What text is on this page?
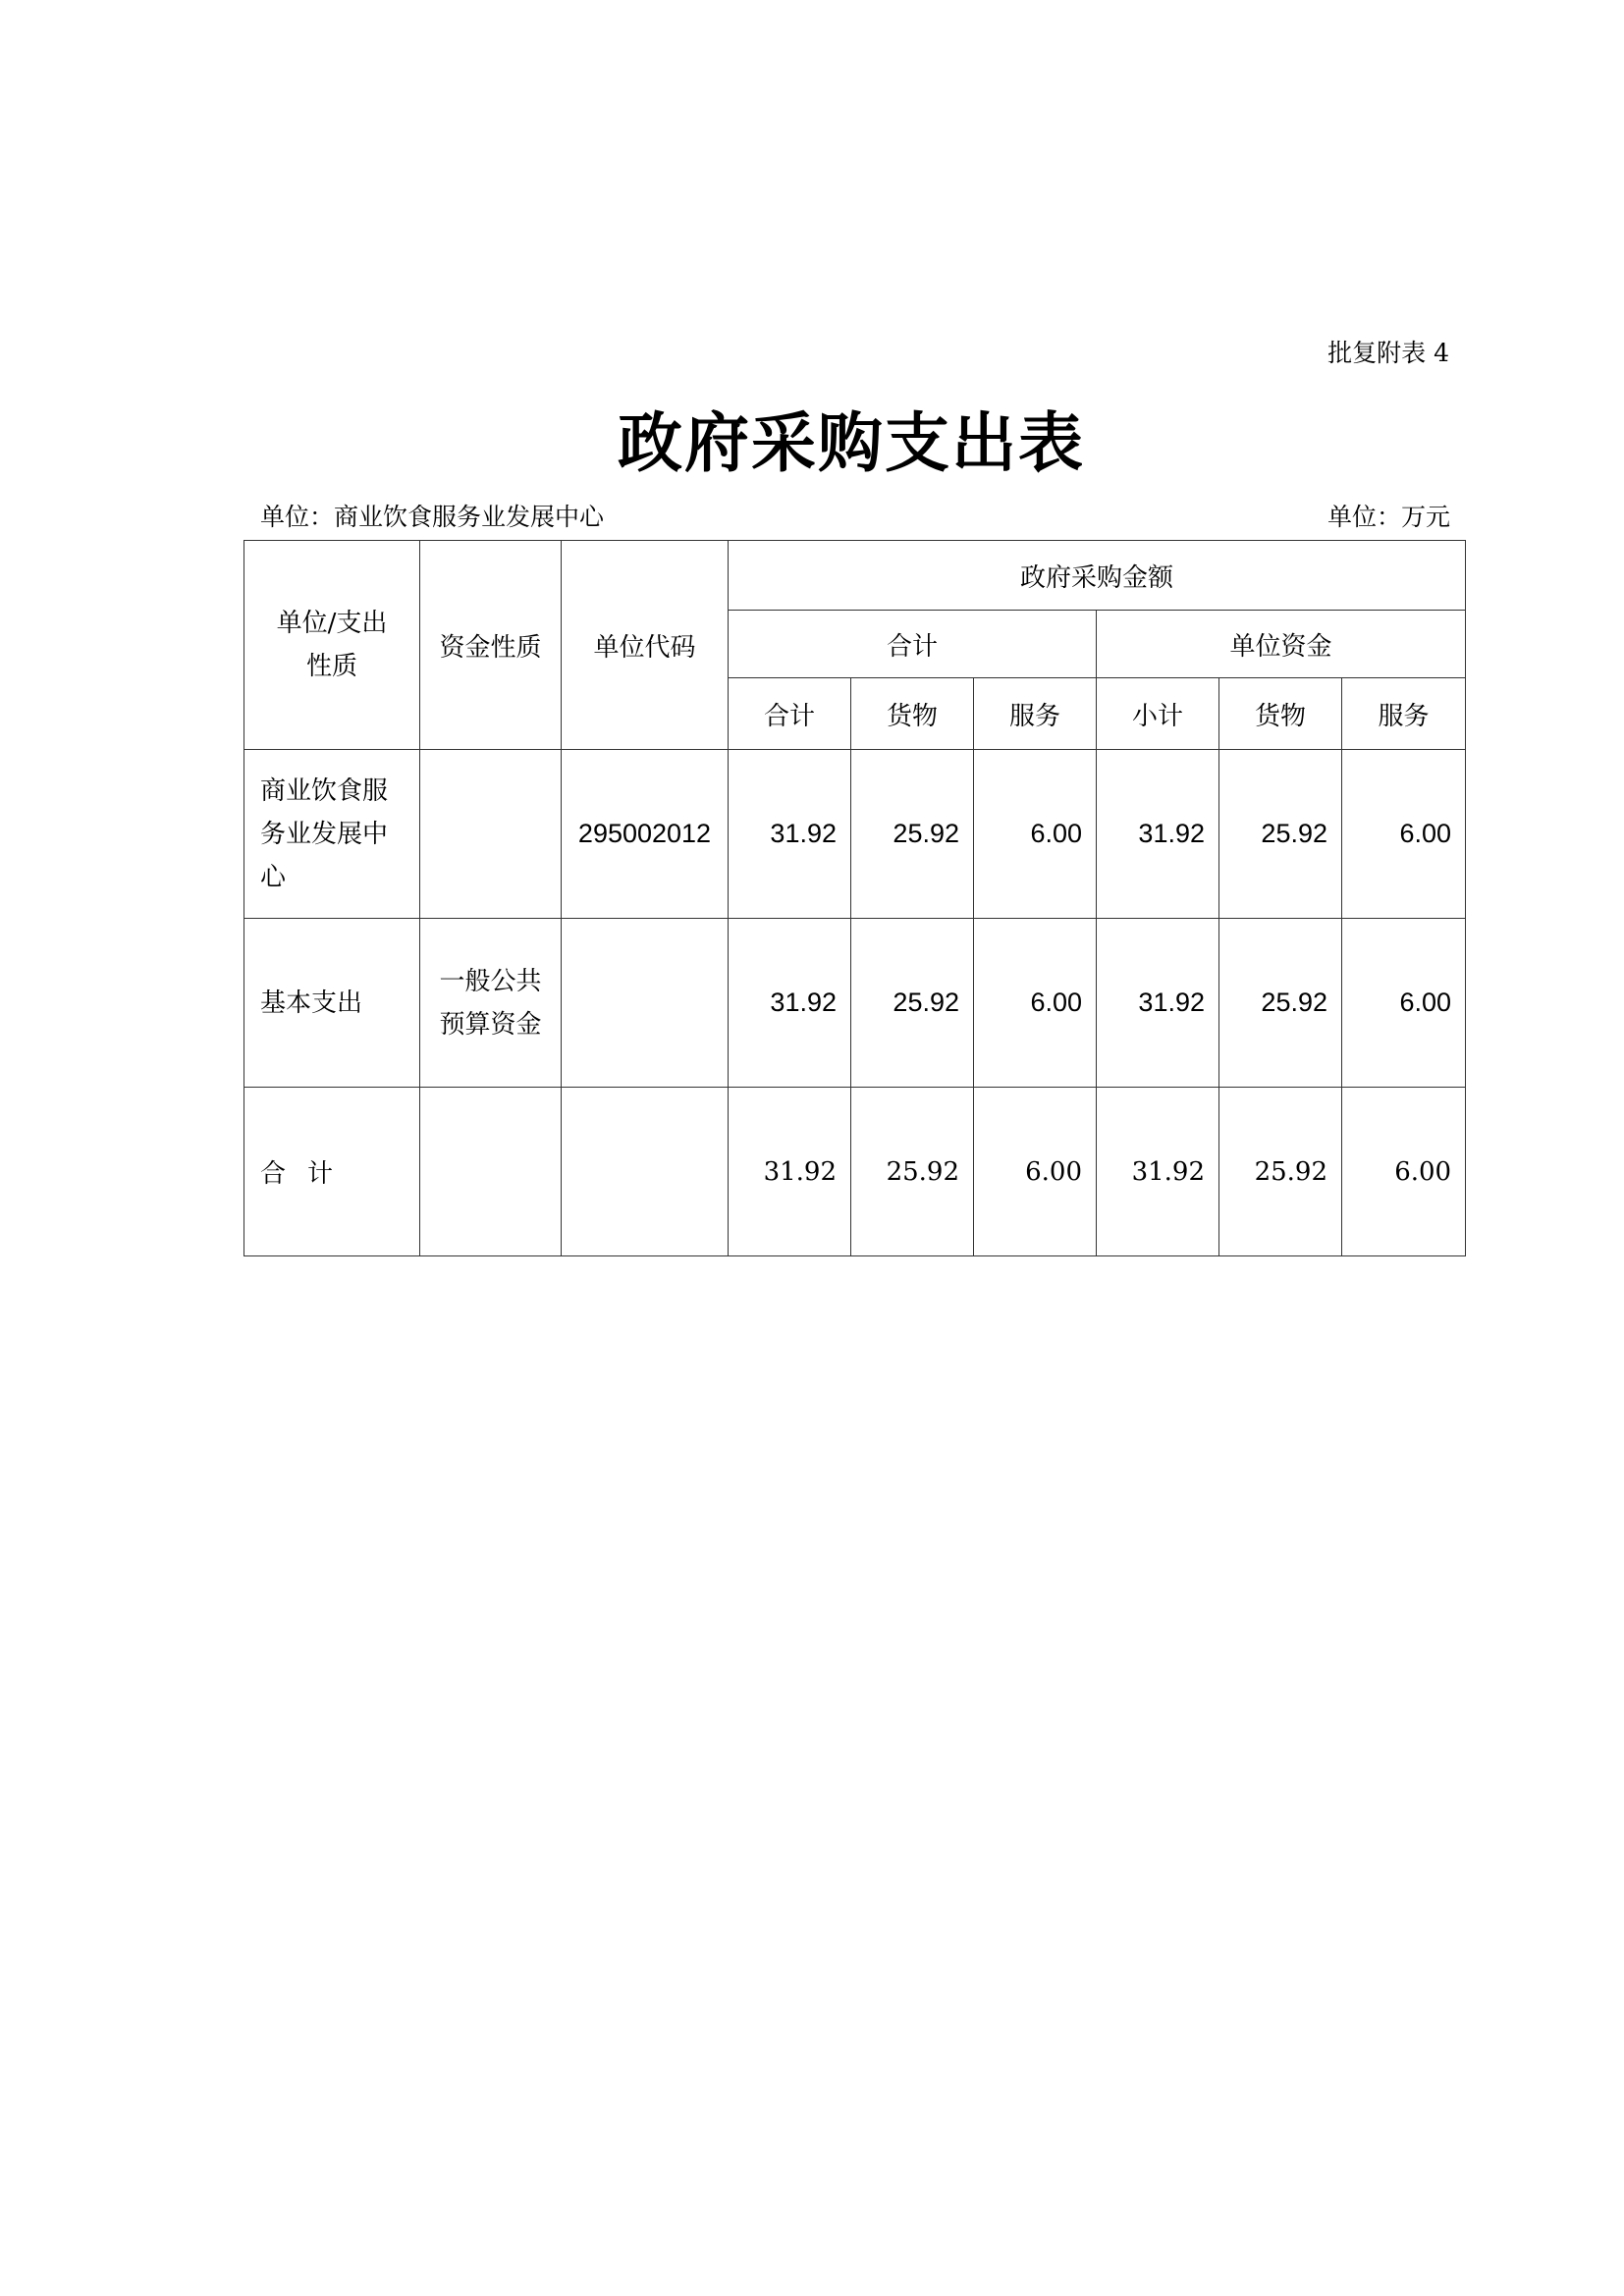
批复附表 4
政府采购支出表
单位：商业饮食服务业发展中心	单位：万元
单位/支出性质	资金性质	单位代码	政府采购金额					
			合计			单位资金		
			合计	货物	服务	小计	货物	服务

商业饮食服务业发展中心		295002012	31.92	25.92	6.00	31.92	25.92	6.00
基本支出	一般公共预算资金		31.92	25.92	6.00	31.92	25.92	6.00
合计			31.92	25.92	6.00	31.92	25.92	6.00
